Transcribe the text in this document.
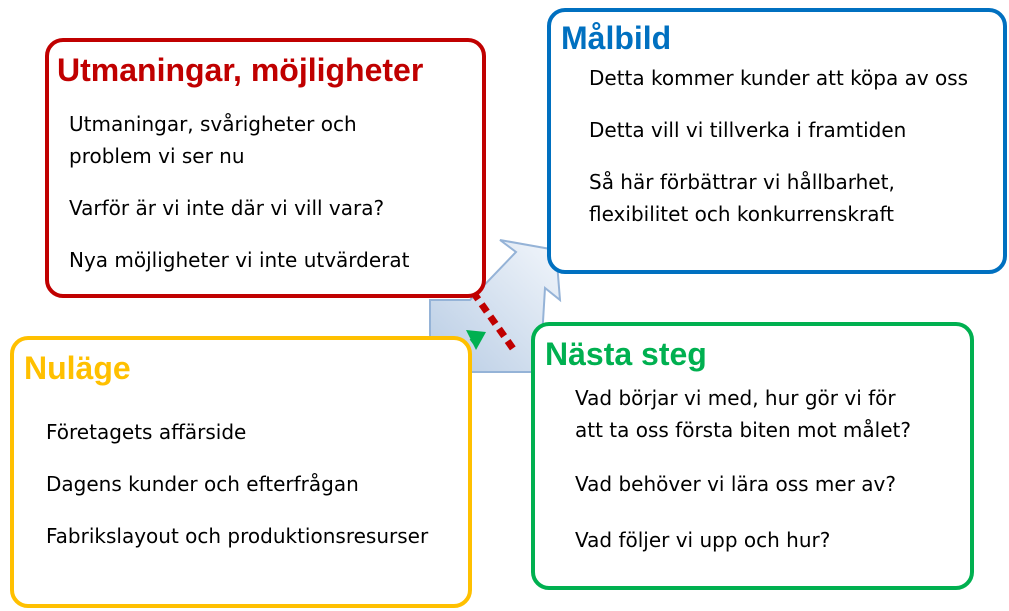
Utmaningar, möjligheter
Utmaningar, svårigheter och
problem vi ser nu
Varför är vi inte där vi vill vara?
Nya möjligheter vi inte utvärderat
Målbild
Detta kommer kunder att köpa av oss
Detta vill vi tillverka i framtiden
Så här förbättrar vi hållbarhet,
flexibilitet och konkurrenskraft
Nuläge
Företagets affärside
Dagens kunder och efterfrågan
Fabrikslayout och produktionsresurser
Nästa steg
Vad börjar vi med, hur gör vi för
att ta oss första biten mot målet?
Vad behöver vi lära oss mer av?
Vad följer vi upp och hur?
